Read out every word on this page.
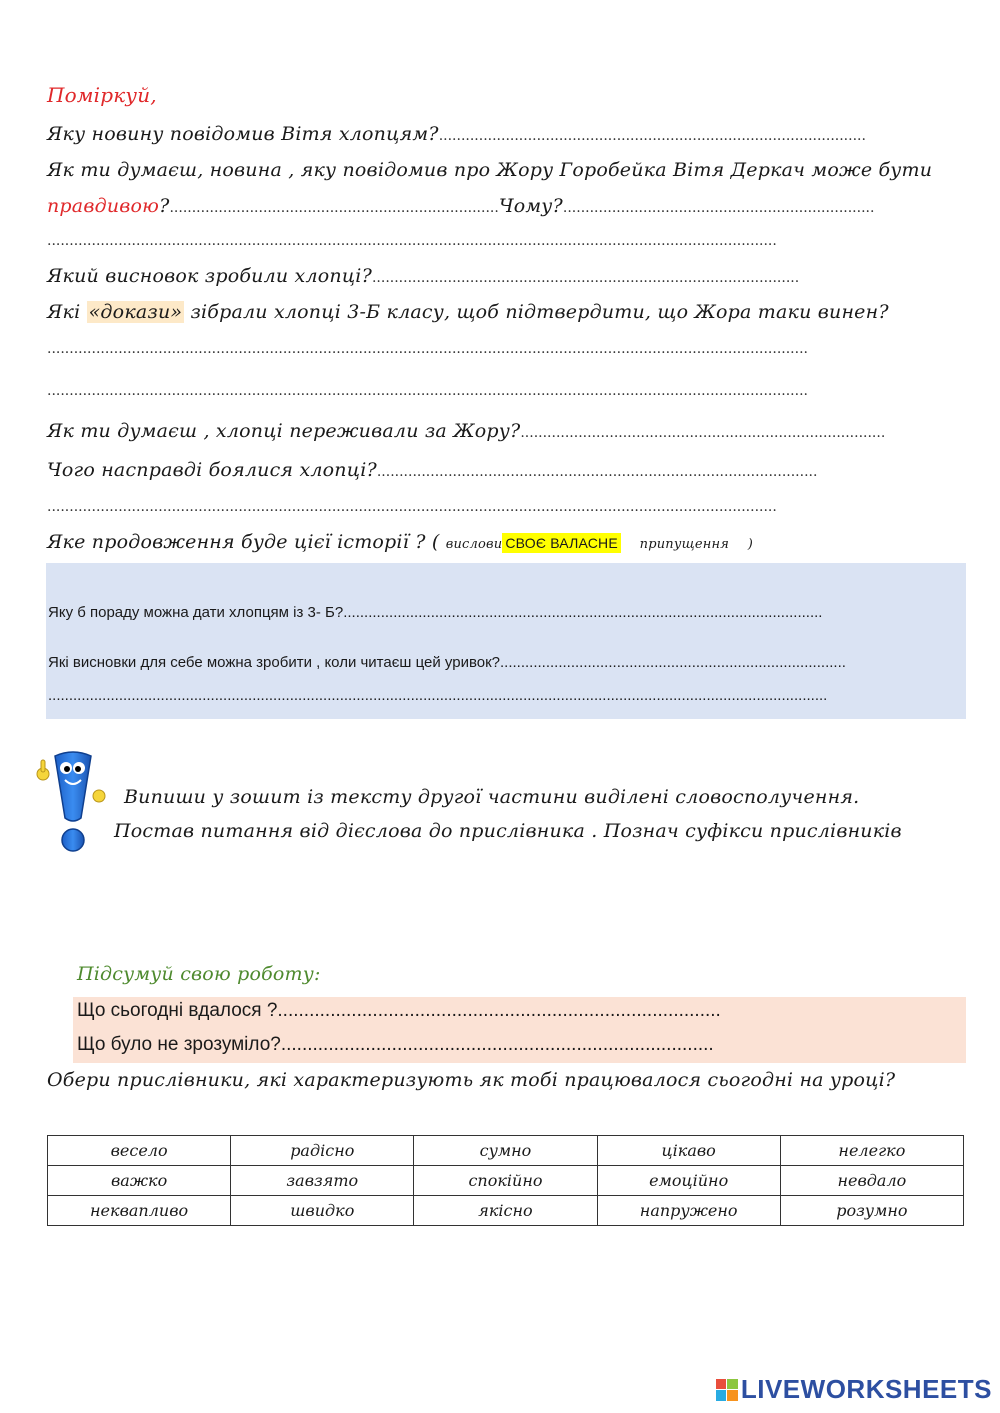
Поміркуй,
Яку новину повідомив Вітя хлопцям?................................................................................................
Як ти думаєш, новина , яку повідомив про Жору Горобейка Вітя Деркач може бути
правдивою?..........................................................................Чому?......................................................................
....................................................................................................................................................................
Який висновок зробили хлопці?................................................................................................
Які «докази» зібрали хлопці 3-Б класу, щоб підтвердити, що Жора таки винен?
...........................................................................................................................................................................
...........................................................................................................................................................................
Як ти думаєш , хлопці переживали за Жору?..................................................................................
Чого насправді боялися хлопці?...................................................................................................
....................................................................................................................................................................
Яке продовження буде цієї історії ? ( вислови СВОЄ ВАЛАСНЕ припущення )
Яку б пораду можна дати хлопцям із 3- Б?...................................................................................................................
Які висновки для себе можна зробити , коли читаєш цей уривок?...................................................................................
...........................................................................................................................................................................................
Випиши у зошит із тексту другої частини виділені словосполучення.
Постав питання від дієслова до прислівника . Познач суфікси прислівників
Підсумуй свою роботу:
Що сьогодні вдалося ?....................................................................................
Що було не зрозуміло?..................................................................................
Обери прислівники, які характеризують як тобі працювалося сьогодні на уроці?
весело	радісно	сумно	цікаво	нелегко
важко	завзято	спокійно	емоційно	невдало
неквапливо	швидко	якісно	напружено	розумно
LIVEWORKSHEETS
